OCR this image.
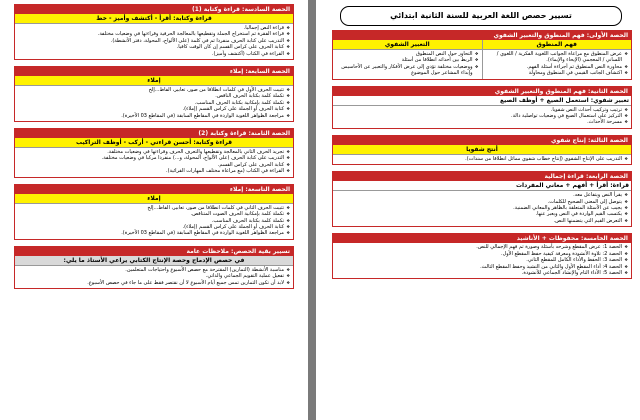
الحصة السادسة: قراءة وكتابة (1)
قراءة وكتابة: أقرأ - أكتشف وأميز - خط
❖ قراءة النص إجماليا.
❖ قراءة الفقرة ثم استخراج الجملة وتقطيعها بالمعالجة الحرفية وقراءتها في وضعيات مختلفة.
❖ التدريب على كتابة الحرف منفردا ثم في كلمة (على الألواح، المحولة، دفتر الأنشطة).
❖ كتابة الحرف على كراس القسم إن كان الوقت كافيا.
❖ القراءة في الكتاب (أكتشف وأميز).
الحصة السابعة: إملاء
إملاء
❖ تثبيت الحرف الأول في كلمات انطلاقا من صور، تعابير، الفاظ...إلخ
❖ تكملة كلمة بكتابة الحرف الناقص.
❖ تكملة كلمة بإمكانية بكتابة الحرف المناسب.
❖ كتابة الحرف أو الجملة على كراس القسم (إملاء).
❖ مراجعة الظواهر اللغوية الواردة في المقاطع السابقة (في المقاطع 03 الأخيرة).
الحصة الثامنة: قراءة وكتابة (2)
قراءة وكتابة: أحسن قراءتي - أركب - أوظف التراكيب
❖ تجريد الحرف الثاني بالمعالجة وتقطيعها والتعرف الحرف وقراءتها في وضعيات مختلفة.
❖ التدريب على كتابة الحرف (على الألواح، المحولة، و...) منفردا مركبا في وضعيات مختلفة.
❖ كتابة الحرف على كراس القسم.
❖ القراءة في الكتاب (مع مراعاة مختلف المهارات القرائية).
الحصة التاسعة: إملاء
إملاء
❖ تثبيت الحرف الثاني في كلمات انطلاقا من صور، تعابير، الفاظ...إلخ
❖ تكملة كلمة بإمكانية الحرف الصوت المتناقص.
❖ تكملة كلمة بكتابة الحرف المناسب.
❖ كتابة الحرف أو الجملة على كراس القسم (إملاء).
❖ مراجعة الظواهر اللغوية الواردة في المقاطع السابقة (في المقاطع 03 الأخيرة).
تسيير بقية الحصص: ملاحظات عامة
في حصص الإدماج وحصة الإنتاج الكتابي يراعي الأستاذ ما يلي:
❖ مناسبة الأنشطة (التمارين) المقترحة مع حصص الأسبوع واحتياجات المتعلمين.
❖ تفعيل عملية التقويم الجماعي والذاتي.
❖ لابد أن تكون التمارين تمس جميع أيام الأسبوع لا أن نقتصر فقط على ما جاء في حصص الأسبوع.
تسيير حصص اللغة العربية للسنة الثانية ابتدائي
الحصة الأولى: فهم المنطوق والتعبير الشفوي
فهم المنطوق
❖ عرض المنطوق مع مراعاة الجوانب اللغوية الفكرية / اللغوي / اللساني / المعجمي (الإيحاء والإيماء).
❖ محاورة النص المنطوق ثم أجراءة أسئلة الفهم.
❖ اكتشاف الجانب القيمي في المنطوق ومحاولة
التعبير الشفوي
❖ التحاور حول النص المنطوق
❖ الربط بين أحداثه انطلاقا من أسئلة
❖ ووضعيات مختلفة تؤدي إلى عرض الأفكار والتعبير عن الأحاسيس وإبداء المشاعر حول الموضوع
الحصة الثانية: فهم المنطوق والتعبير الشفوي
تعبير شفوي: استعمل الصيغ + أوظف الصيغ
❖ ترتيب وتركيب أحداث النص شفويا.
❖ التركيز على استعمال الصيغ في وضعيات تواصلية دالة.
❖ مسرحة الأحداث.
الحصة الثالثة: إنتاج شفوي
أنتج شفويا
❖ التدريب على الإنتاج الشفوي (إنتاج خطاب شفوي مماثل انطلاقا من سندات).
الحصة الرابعة: قراءة إجمالية
قراءة: أقرأ + أفهم + معاني المفردات
❖ يقرأ النص ويتفاعل معه.
❖ يتوصل إلى المعنى الصحيح للكلمات.
❖ يجيب عن الأسئلة المتعلقة بالظاهر والمعاني الضمنية.
❖ يكتسب القيم الواردة في النص ويعبر عنها.
❖ التعرض القيم التي يتضمنها النص.
الحصة الخامسة: محفوظات + الأناشيد
❖ الحصة 1: عرض المقطع وشرحه بأسئلة وصورة ثم فهم الإجمالي للنص.
❖ الحصة 2: تلاوة الأنشودة ومعرفة كيفية حفظ المقطع الأول.
❖ الحصة 3: الحفظ والأداء الكامل للمقطع الثاني.
❖ الحصة 4: أداء المقطع الأول والثاني من النشيد وحفظ المقطع الثالث.
❖ الحصة 5: الأداء التام والإنشاد الجماعي للأنشودة.
